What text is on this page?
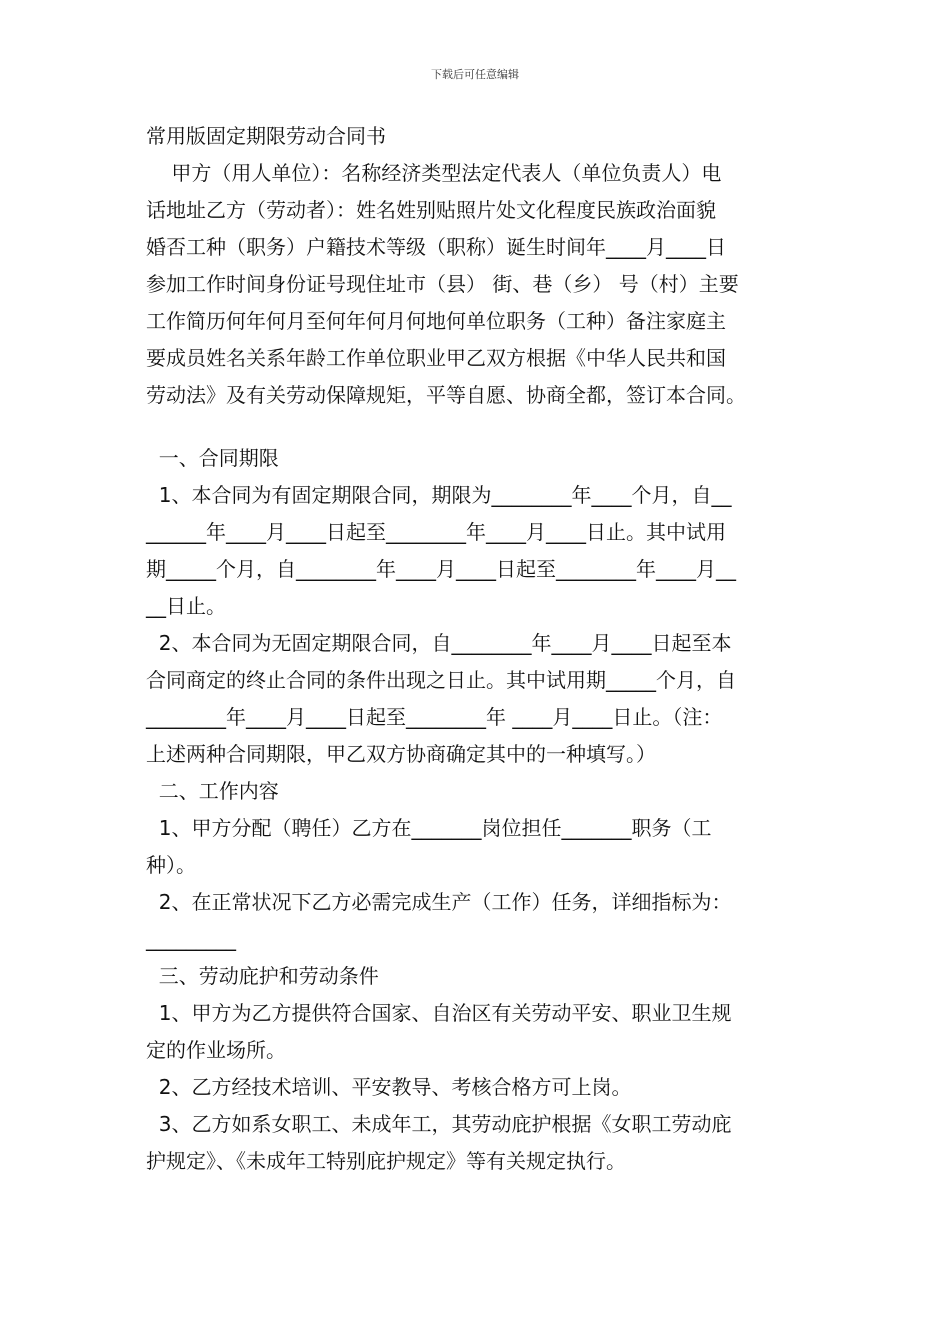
下载后可任意编辑
常用版固定期限劳动合同书
甲方（用人单位）：名称经济类型法定代表人（单位负责人）电
话地址乙方（劳动者）：姓名姓别贴照片处文化程度民族政治面貌
婚否工种（职务）户籍技术等级（职称）诞生时间年____月____日
参加工作时间身份证号现住址市（县） 街、巷（乡） 号（村）主要
工作简历何年何月至何年何月何地何单位职务（工种）备注家庭主
要成员姓名关系年龄工作单位职业甲乙双方根据《中华人民共和国
劳动法》及有关劳动保障规矩，平等自愿、协商全都，签订本合同。
一、合同期限
1、本合同为有固定期限合同，期限为________年____个月，自__
______年____月____日起至________年____月____日止。其中试用
期_____个月，自________年____月____日起至________年____月__
__日止。
2、本合同为无固定期限合同，自________年____月____日起至本
合同商定的终止合同的条件出现之日止。其中试用期_____个月，自
________年____月____日起至________年 ____月____日止。（注：
上述两种合同期限，甲乙双方协商确定其中的一种填写。）
二、工作内容
1、甲方分配（聘任）乙方在_______岗位担任_______职务（工
种）。
2、在正常状况下乙方必需完成生产（工作）任务，详细指标为：
_________
三、劳动庇护和劳动条件
1、甲方为乙方提供符合国家、自治区有关劳动平安、职业卫生规
定的作业场所。
2、乙方经技术培训、平安教导、考核合格方可上岗。
3、乙方如系女职工、未成年工，其劳动庇护根据《女职工劳动庇
护规定》、《未成年工特别庇护规定》等有关规定执行。
